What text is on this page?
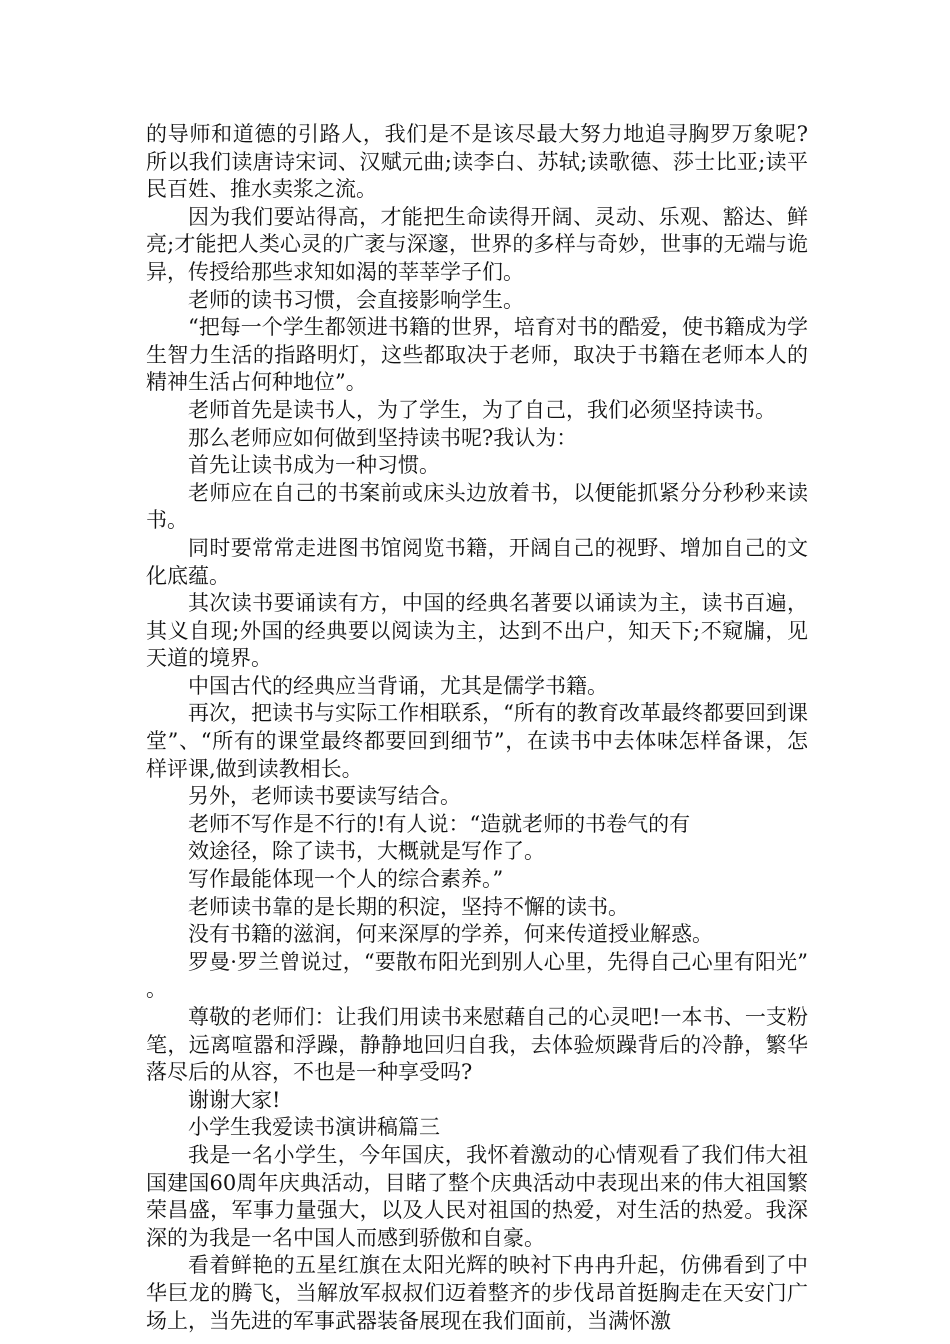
的导师和道德的引路人，我们是不是该尽最大努力地追寻胸罗万象呢?所以我们读唐诗宋词、汉赋元曲;读李白、苏轼;读歌德、莎士比亚;读平民百姓、推水卖浆之流。

因为我们要站得高，才能把生命读得开阔、灵动、乐观、豁达、鲜亮;才能把人类心灵的广袤与深邃，世界的多样与奇妙，世事的无端与诡异，传授给那些求知如渴的莘莘学子们。

老师的读书习惯，会直接影响学生。

“把每一个学生都领进书籍的世界，培育对书的酷爱，使书籍成为学生智力生活的指路明灯，这些都取决于老师，取决于书籍在老师本人的精神生活占何种地位”。

老师首先是读书人，为了学生，为了自己，我们必须坚持读书。

那么老师应如何做到坚持读书呢?我认为：

首先让读书成为一种习惯。

老师应在自己的书案前或床头边放着书，以便能抓紧分分秒秒来读书。

同时要常常走进图书馆阅览书籍，开阔自己的视野、增加自己的文化底蕴。

其次读书要诵读有方，中国的经典名著要以诵读为主，读书百遍，其义自现;外国的经典要以阅读为主，达到不出户，知天下;不窥牖，见天道的境界。

中国古代的经典应当背诵，尤其是儒学书籍。

再次，把读书与实际工作相联系，“所有的教育改革最终都要回到课堂”、“所有的课堂最终都要回到细节”，在读书中去体味怎样备课，怎样评课,做到读教相长。

另外，老师读书要读写结合。

老师不写作是不行的!有人说：“造就老师的书卷气的有

效途径，除了读书，大概就是写作了。

写作最能体现一个人的综合素养。”

老师读书靠的是长期的积淀，坚持不懈的读书。

没有书籍的滋润，何来深厚的学养，何来传道授业解惑。

罗曼·罗兰曾说过，“要散布阳光到别人心里，先得自己心里有阳光”。

尊敬的老师们：让我们用读书来慰藉自己的心灵吧!一本书、一支粉笔，远离喧嚣和浮躁，静静地回归自我，去体验烦躁背后的冷静，繁华落尽后的从容，不也是一种享受吗?

谢谢大家!

小学生我爱读书演讲稿篇三

我是一名小学生，今年国庆，我怀着激动的心情观看了我们伟大祖国建国60周年庆典活动，目睹了整个庆典活动中表现出来的伟大祖国繁荣昌盛，军事力量强大，以及人民对祖国的热爱，对生活的热爱。我深深的为我是一名中国人而感到骄傲和自豪。

看着鲜艳的五星红旗在太阳光辉的映衬下冉冉升起，仿佛看到了中华巨龙的腾飞，当解放军叔叔们迈着整齐的步伐昂首挺胸走在天安门广场上，当先进的军事武器装备展现在我们面前，当满怀激
